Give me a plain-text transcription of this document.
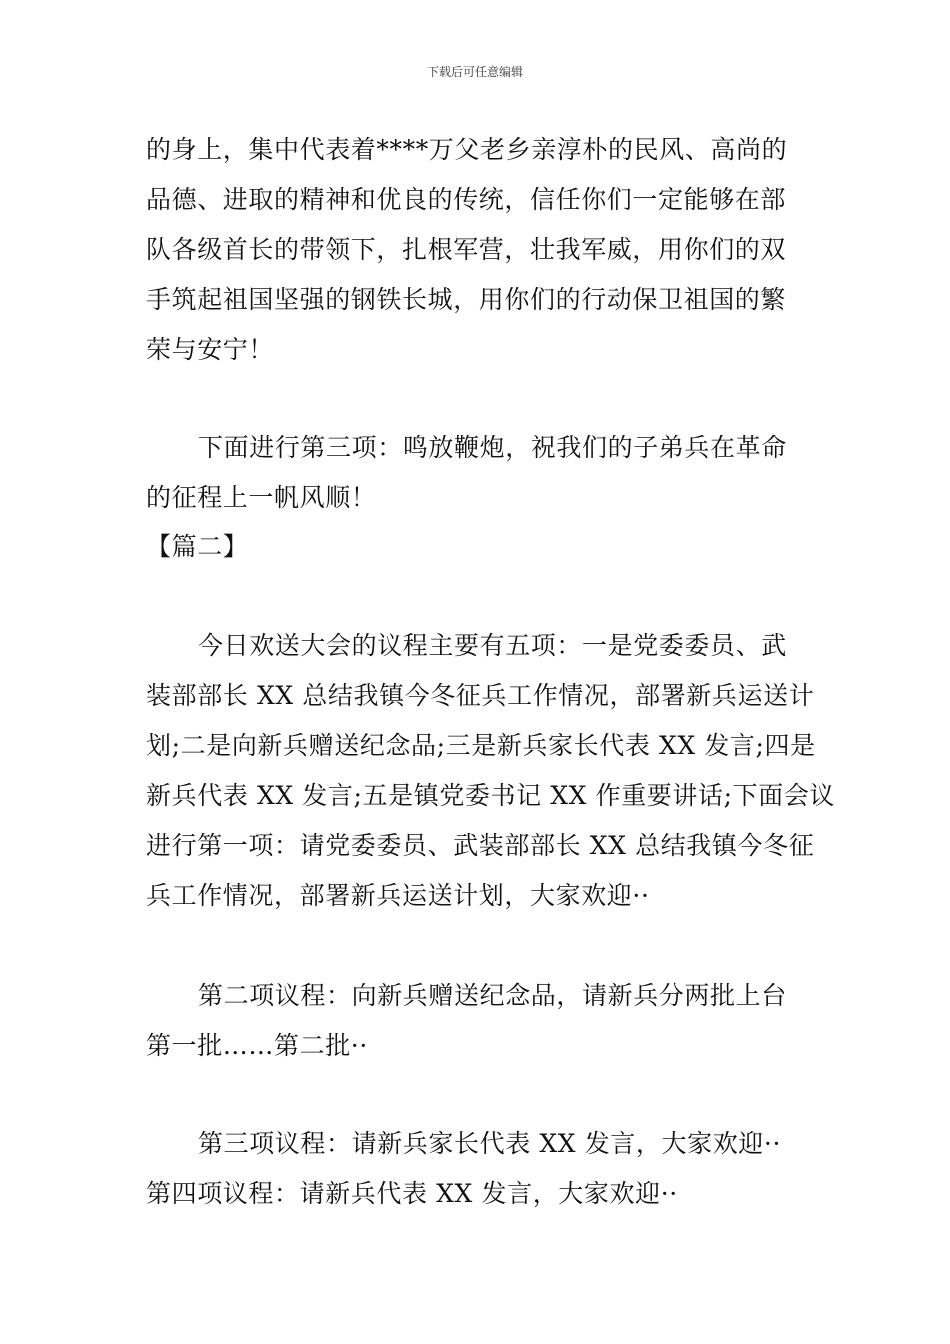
下载后可任意编辑
的身上，集中代表着****万父老乡亲淳朴的民风、高尚的
品德、进取的精神和优良的传统，信任你们一定能够在部
队各级首长的带领下，扎根军营，壮我军威，用你们的双
手筑起祖国坚强的钢铁长城，用你们的行动保卫祖国的繁
荣与安宁！
下面进行第三项：鸣放鞭炮，祝我们的子弟兵在革命
的征程上一帆风顺！
【篇二】
今日欢送大会的议程主要有五项：一是党委委员、武
装部部长 XX 总结我镇今冬征兵工作情况，部署新兵运送计
划;二是向新兵赠送纪念品;三是新兵家长代表 XX 发言;四是
新兵代表 XX 发言;五是镇党委书记 XX 作重要讲话;下面会议
进行第一项：请党委委员、武装部部长 XX 总结我镇今冬征
兵工作情况，部署新兵运送计划，大家欢迎··
第二项议程：向新兵赠送纪念品，请新兵分两批上台
第一批……第二批··
第三项议程：请新兵家长代表 XX 发言，大家欢迎··
第四项议程：请新兵代表 XX 发言，大家欢迎··
